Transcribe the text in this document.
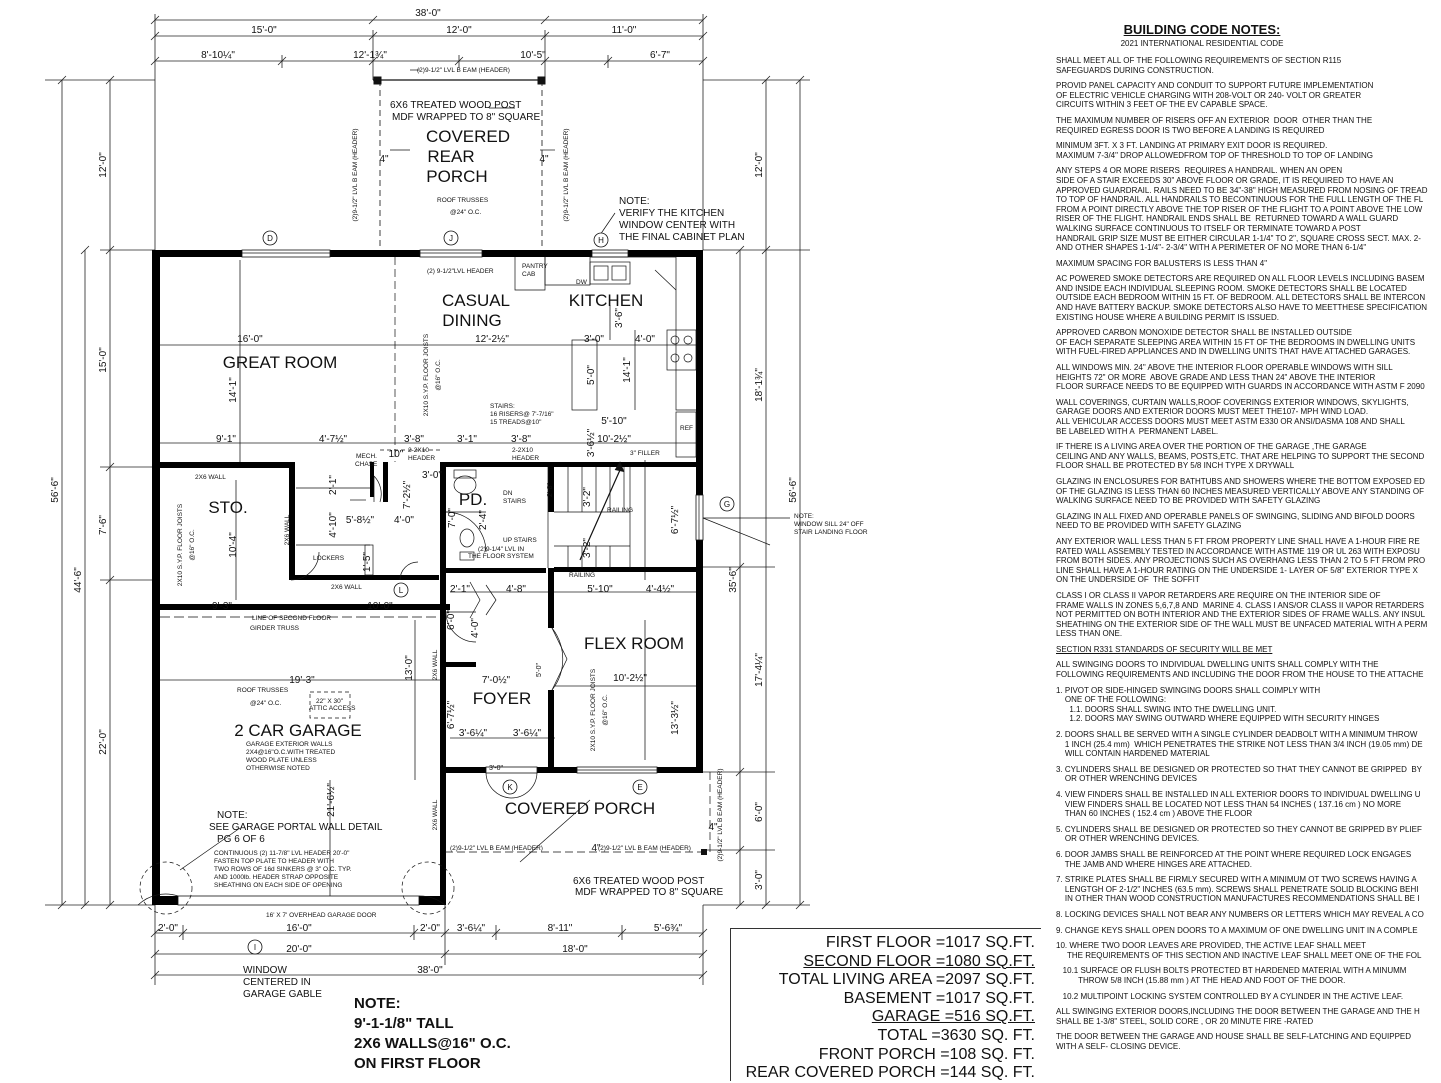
D	J	H
G
L
K	E
I
38'-0"
15'-0"	12'-0"	11'-0"
8'-10¼"	12'-1¾"	10'-5"	6'-7"
38'-0"
2'-0"	16'-0"	2'-0" 3'-6¼"	8'-11"	5'-6¾"
20'-0"	18'-0"
56'-6"
44'-6"
12'-0"
15'-0"
7'-6"
22'-0"
56'-6"
35'-6"
12'-0"
18'-1¾"
17'-4¼"
6'-0"
3'-0"
COVERED
REAR
PORCH
GREAT ROOM
CASUAL
DINING
KITCHEN
STO.	PD.
FLEX ROOM
FOYER
2 CAR GARAGE
COVERED PORCH
6X6 TREATED WOOD POST
MDF WRAPPED TO 8" SQUARE
6X6 TREATED WOOD POST
MDF WRAPPED TO 8" SQUARE
NOTE:
VERIFY THE KITCHEN
WINDOW CENTER WITH
THE FINAL CABINET PLAN
NOTE:
SEE GARAGE PORTAL WALL DETAIL
PG 6 OF 6
(2)9-1/2" LVL B EAM (HEADER)
ROOF TRUSSES
@24" O.C.
(2) 9-1/2"LVL HEADER
PANTRY
CAB
DW
REF
3" FILLER
STAIRS:
16 RISERS@ 7'-7/16"
15 TREADS@10"
MECH.
CHASE
2-2X10
HEADER
2-2X10
HEADER
2X6 WALL
2X6 WALL
LOCKERS
DN
STAIRS
UP STAIRS
(2)9-1/4" LVL IN
THE FLOOR SYSTEM
RAILING
RAILING
NOTE:
WINDOW SILL 24" OFF
STAIR LANDING FLOOR
LINE OF SECOND FLOOR
GIRDER TRUSS
ROOF TRUSSES
@24" O.C.	22" X 30"
ATTIC ACCESS
GARAGE EXTERIOR WALLS
2X4@16"O.C.WITH TREATED
WOOD PLATE UNLESS
OTHERWISE NOTED
CONTINUOUS (2) 11-7/8" LVL HEADER 20'-0"
FASTEN TOP PLATE TO HEADER WITH
TWO ROWS OF 16d SINKERS @ 3" O.C. TYP.
AND 1000lb. HEADER STRAP OPPOSITE
SHEATHING ON EACH SIDE OF OPENING
16' X 7' OVERHEAD GARAGE DOOR
(2)9-1/2" LVL B EAM (HEADER)	(2)9-1/2" LVL B EAM (HEADER)
(2)9-1/2" LVL B EAM (HEADER)	(2)9-1/2" LVL B EAM (HEADER)
(2)9-1/2" LVL B EAM (HEADER)
2X10 S.Y.P. FLOOR JOISTS @16" O.C.
2X10 S.Y.P. FLOOR JOISTS @16" O.C.
2X10 S.Y.P. FLOOR JOISTS @16" O.C.
2X6 WALL
2X6 WALL
2X6 WALL
16'-0"
14'-1"
12'-2½"
3'-6"
3'-0"	4'-0"
14'-1"
5'-0"
5'-10"
10'-2½"
3'-6½"
9'-1"	4'-7½"	3'-8"	3'-1"	3'-8"
10"
2'-1"	7'-2½"
4'-10" 5'-8½" 4'-0"
1'-5"
10'-4"
9'-3"	10'-0"
7'-0" 2'-4"
3'-2"
3'-2"
6'-7½"
3'-0"
2'-1"	4'-8"	5'-10"	4'-4½"
6'-0" 4'-0"
10'-2½"
13'-3½"
7'-0½"
6'-7½"
3'-6¼"	3'-6¼"
3'-0"
19'-3"	13'-0"
21'-6½"
4"	4"
4"
4"
2'-8"
5'-0"
WINDOW
CENTERED IN
GARAGE GABLE
NOTE:
9'-1-1/8" TALL
2X6 WALLS@16" O.C.
ON FIRST FLOOR
FIRST FLOOR =1017 SQ.FT.
SECOND FLOOR =1080 SQ.FT.
TOTAL LIVING AREA =2097 SQ.FT.
BASEMENT =1017 SQ.FT.
GARAGE =516 SQ.FT.
TOTAL =3630 SQ. FT.
FRONT PORCH =108 SQ. FT.
REAR COVERED PORCH =144 SQ. FT.
BUILDING CODE NOTES:
2021 INTERNATIONAL RESIDENTIAL CODE
SHALL MEET ALL OF THE FOLLOWING REQUIREMENTS OF SECTION R115
SAFEGUARDS DURING CONSTRUCTION.
PROVID PANEL CAPACITY AND CONDUIT TO SUPPORT FUTURE IMPLEMENTATION
OF ELECTRIC VEHICLE CHARGING WITH 208-VOLT OR 240- VOLT OR GREATER
CIRCUITS WITHIN 3 FEET OF THE EV CAPABLE SPACE.
THE MAXIMUM NUMBER OF RISERS OFF AN EXTERIOR  DOOR  OTHER THAN THE
REQUIRED EGRESS DOOR IS TWO BEFORE A LANDING IS REQUIRED
MINIMUM 3FT. X 3 FT. LANDING AT PRIMARY EXIT DOOR IS REQUIRED.
MAXIMUM 7-3/4" DROP ALLOWEDFROM TOP OF THRESHOLD TO TOP OF LANDING
ANY STEPS 4 OR MORE RISERS  REQUIRES A HANDRAIL. WHEN AN OPEN
SIDE OF A STAIR EXCEEDS 30" ABOVE FLOOR OR GRADE, IT IS REQUIRED TO HAVE AN
APPROVED GUARDRAIL. RAILS NEED TO BE 34"-38" HIGH MEASURED FROM NOSING OF TREAD
TO TOP OF HANDRAIL. ALL HANDRAILS TO BECONTINUOUS FOR THE FULL LENGTH OF THE FL
FROM A POINT DIRECTLY ABOVE THE TOP RISER OF THE FLIGHT TO A POINT ABOVE THE LOW
RISER OF THE FLIGHT. HANDRAIL ENDS SHALL BE  RETURNED TOWARD A WALL GUARD
WALKING SURFACE CONTINUOUS TO ITSELF OR TERMINATE TOWARD A POST
HANDRAIL GRIP SIZE MUST BE EITHER CIRCULAR 1-1/4" TO 2", SQUARE CROSS SECT. MAX. 2-
AND OTHER SHAPES 1-1/4"- 2-3/4" WITH A PERIMETER OF NO MORE THAN 6-1/4"
MAXIMUM SPACING FOR BALUSTERS IS LESS THAN 4"
AC POWERED SMOKE DETECTORS ARE REQUIRED ON ALL FLOOR LEVELS INCLUDING BASEM
AND INSIDE EACH INDIVIDUAL SLEEPING ROOM. SMOKE DETECTORS SHALL BE LOCATED
OUTSIDE EACH BEDROOM WITHIN 15 FT. OF BEDROOM. ALL DETECTORS SHALL BE INTERCON
AND HAVE BATTERY BACKUP. SMOKE DETECTORS ALSO HAVE TO MEETTHESE SPECIFICATION
EXISTING HOUSE WHERE A BUILDING PERMIT IS ISSUED.
APPROVED CARBON MONOXIDE DETECTOR SHALL BE INSTALLED OUTSIDE
OF EACH SEPARATE SLEEPING AREA WITHIN 15 FT OF THE BEDROOMS IN DWELLING UNITS
WITH FUEL-FIRED APPLIANCES AND IN DWELLING UNITS THAT HAVE ATTACHED GARAGES.
ALL WINDOWS MIN. 24" ABOVE THE INTERIOR FLOOR OPERABLE WINDOWS WITH SILL
HEIGHTS 72" OR MORE  ABOVE GRADE AND LESS THAN 24" ABOVE THE INTERIOR
FLOOR SURFACE NEEDS TO BE EQUIPPED WITH GUARDS IN ACCORDANCE WITH ASTM F 2090
WALL COVERINGS, CURTAIN WALLS,ROOF COVERINGS EXTERIOR WINDOWS, SKYLIGHTS,
GARAGE DOORS AND EXTERIOR DOORS MUST MEET THE107- MPH WIND LOAD.
ALL VEHICULAR ACCESS DOORS MUST MEET ASTM E330 OR ANSI/DASMA 108 AND SHALL
BE LABELED WITH A  PERMANENT LABEL.
IF THERE IS A LIVING AREA OVER THE PORTION OF THE GARAGE ,THE GARAGE
CEILING AND ANY WALLS, BEAMS, POSTS,ETC. THAT ARE HELPING TO SUPPORT THE SECOND
FLOOR SHALL BE PROTECTED BY 5/8 INCH TYPE X DRYWALL
GLAZING IN ENCLOSURES FOR BATHTUBS AND SHOWERS WHERE THE BOTTOM EXPOSED ED
OF THE GLAZING IS LESS THAN 60 INCHES MEASURED VERTICALLY ABOVE ANY STANDING OF
WALKING SURFACE NEED TO BE PROVIDED WITH SAFETY GLAZING
GLAZING IN ALL FIXED AND OPERABLE PANELS OF SWINGING, SLIDING AND BIFOLD DOORS
NEED TO BE PROVIDED WITH SAFETY GLAZING
ANY EXTERIOR WALL LESS THAN 5 FT FROM PROPERTY LINE SHALL HAVE A 1-HOUR FIRE RE
RATED WALL ASSEMBLY TESTED IN ACCORDANCE WITH ASTME 119 OR UL 263 WITH EXPOSU
FROM BOTH SIDES. ANY PROJECTIONS SUCH AS OVERHANG LESS THAN 2 TO 5 FT FROM PRO
LINE SHALL HAVE A 1-HOUR RATING ON THE UNDERSIDE 1- LAYER OF 5/8" EXTERIOR TYPE X
ON THE UNDERSIDE OF  THE SOFFIT
CLASS I OR CLASS II VAPOR RETARDERS ARE REQUIRE ON THE INTERIOR SIDE OF
FRAME WALLS IN ZONES 5,6,7,8 AND  MARINE 4. CLASS I ANS/OR CLASS II VAPOR RETARDERS
NOT PERMITTED ON BOTH INTERIOR AND THE EXTERIOR SIDES OF FRAME WALLS. ANY INSUL
SHEATHING ON THE EXTERIOR SIDE OF THE WALL MUST BE UNFACED MATERIAL WITH A PERM
LESS THAN ONE.
SECTION R331 STANDARDS OF SECURITY WILL BE MET
ALL SWINGING DOORS TO INDIVIDUAL DWELLING UNITS SHALL COMPLY WITH THE
FOLLOWING REQUIREMENTS AND INCLUDING THE DOOR FROM THE HOUSE TO THE ATTACHE
1. PIVOT OR SIDE-HINGED SWINGING DOORS SHALL COIMPLY WITH
ONE OF THE FOLLOWING:
1.1. DOORS SHALL SWING INTO THE DWELLING UNIT.
1.2. DOORS MAY SWING OUTWARD WHERE EQUIPPED WITH SECURITY HINGES
2. DOORS SHALL BE SERVED WITH A SINGLE CYLINDER DEADBOLT WITH A MINIMUM THROW
1 INCH (25.4 mm)  WHICH PENETRATES THE STRIKE NOT LESS THAN 3/4 INCH (19.05 mm) DE
WILL CONTAIN HARDENED MATERIAL
3. CYLINDERS SHALL BE DESIGNED OR PROTECTED SO THAT THEY CANNOT BE GRIPPED  BY
OR OTHER WRENCHING DEVICES
4. VIEW FINDERS SHALL BE INSTALLED IN ALL EXTERIOR DOORS TO INDIVIDUAL DWELLING U
VIEW FINDERS SHALL BE LOCATED NOT LESS THAN 54 INCHES ( 137.16 cm ) NO MORE
THAN 60 INCHES ( 152.4 cm ) ABOVE THE FLOOR
5. CYLINDERS SHALL BE DESIGNED OR PROTECTED SO THEY CANNOT BE GRIPPED BY PLIEF
OR OTHER WRENCHING DEVICES.
6. DOOR JAMBS SHALL BE REINFORCED AT THE POINT WHERE REQUIRED LOCK ENGAGES
THE JAMB AND WHERE HINGES ARE ATTACHED.
7. STRIKE PLATES SHALL BE FIRMLY SECURED WITH A MINIMUM OT TWO SCREWS HAVING A
LENGTGH OF 2-1/2" INCHES (63.5 mm). SCREWS SHALL PENETRATE SOLID BLOCKING BEHI
IN OTHER THAN WOOD CONSTRUCTION MANUFACTURES RECOMMENDATIONS SHALL BE I
8. LOCKING DEVICES SHALL NOT BEAR ANY NUMBERS OR LETTERS WHICH MAY REVEAL A CO
9. CHANGE KEYS SHALL OPEN DOORS TO A MAXIMUM OF ONE DWELLING UNIT IN A COMPLE
10. WHERE TWO DOOR LEAVES ARE PROVIDED, THE ACTIVE LEAF SHALL MEET
THE REQUIREMENTS OF THIS SECTION AND INACTIVE LEAF SHALL MEET ONE OF THE FOL
10.1 SURFACE OR FLUSH BOLTS PROTECTED BT HARDENED MATERIAL WITH A MINUMM
THROW 5/8 INCH (15.88 mm ) AT THE HEAD AND FOOT OF THE DOOR.
10.2 MULTIPOINT LOCKING SYSTEM CONTROLLED BY A CYLINDER IN THE ACTIVE LEAF.
ALL SWINGING EXTERIOR DOORS,INCLUDING THE DOOR BETWEEN THE GARAGE AND THE H
SHALL BE 1-3/8" STEEL, SOLID CORE , OR 20 MINUTE FIRE -RATED
THE DOOR BETWEEN THE GARAGE AND HOUSE SHALL BE SELF-LATCHING AND EQUIPPED
WITH A SELF- CLOSING DEVICE.
